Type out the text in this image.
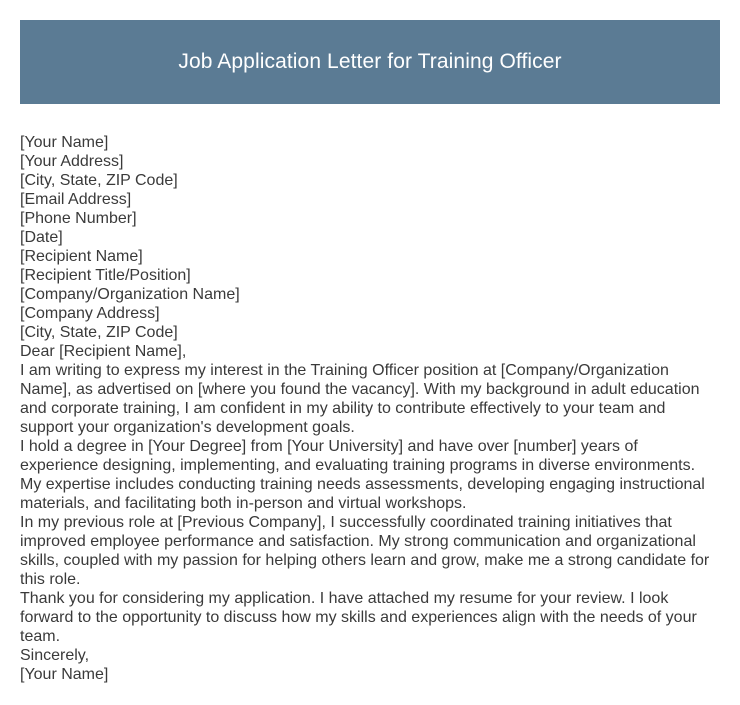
Job Application Letter for Training Officer
[Your Name]
[Your Address]
[City, State, ZIP Code]
[Email Address]
[Phone Number]
[Date]
[Recipient Name]
[Recipient Title/Position]
[Company/Organization Name]
[Company Address]
[City, State, ZIP Code]
Dear [Recipient Name],

I am writing to express my interest in the Training Officer position at [Company/Organization Name], as advertised on [where you found the vacancy]. With my background in adult education and corporate training, I am confident in my ability to contribute effectively to your team and support your organization's development goals.

I hold a degree in [Your Degree] from [Your University] and have over [number] years of experience designing, implementing, and evaluating training programs in diverse environments. My expertise includes conducting training needs assessments, developing engaging instructional materials, and facilitating both in-person and virtual workshops.

In my previous role at [Previous Company], I successfully coordinated training initiatives that improved employee performance and satisfaction. My strong communication and organizational skills, coupled with my passion for helping others learn and grow, make me a strong candidate for this role.

Thank you for considering my application. I have attached my resume for your review. I look forward to the opportunity to discuss how my skills and experiences align with the needs of your team.

Sincerely,
[Your Name]
